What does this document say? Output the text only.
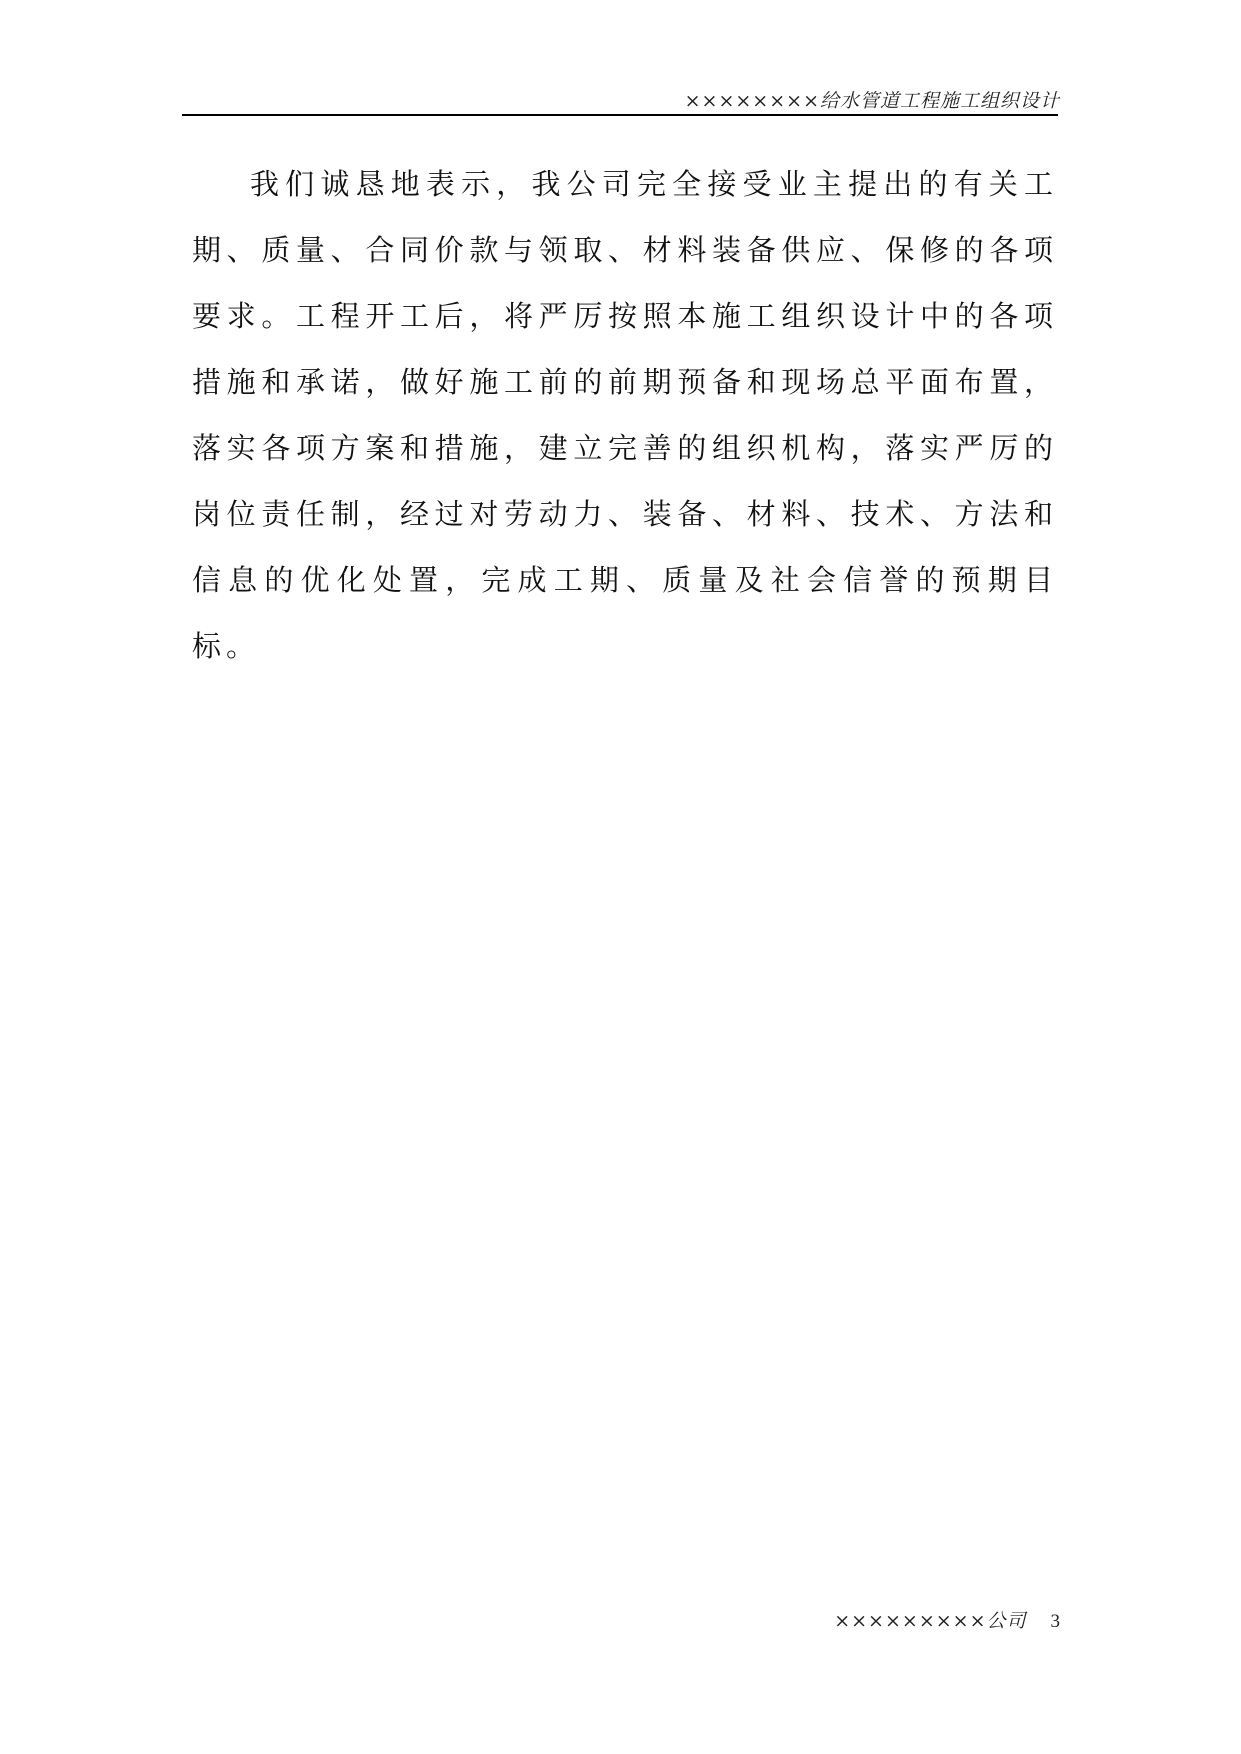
××××××××给水管道工程施工组织设计

我们诚恳地表示，我公司完全接受业主提出的有关工期、质量、合同价款与领取、材料装备供应、保修的各项要求。工程开工后，将严厉按照本施工组织设计中的各项措施和承诺，做好施工前的前期预备和现场总平面布置，落实各项方案和措施，建立完善的组织机构，落实严厉的岗位责任制，经过对劳动力、装备、材料、技术、方法和信息的优化处置，完成工期、质量及社会信誉的预期目标。

×××××××××公司 3
